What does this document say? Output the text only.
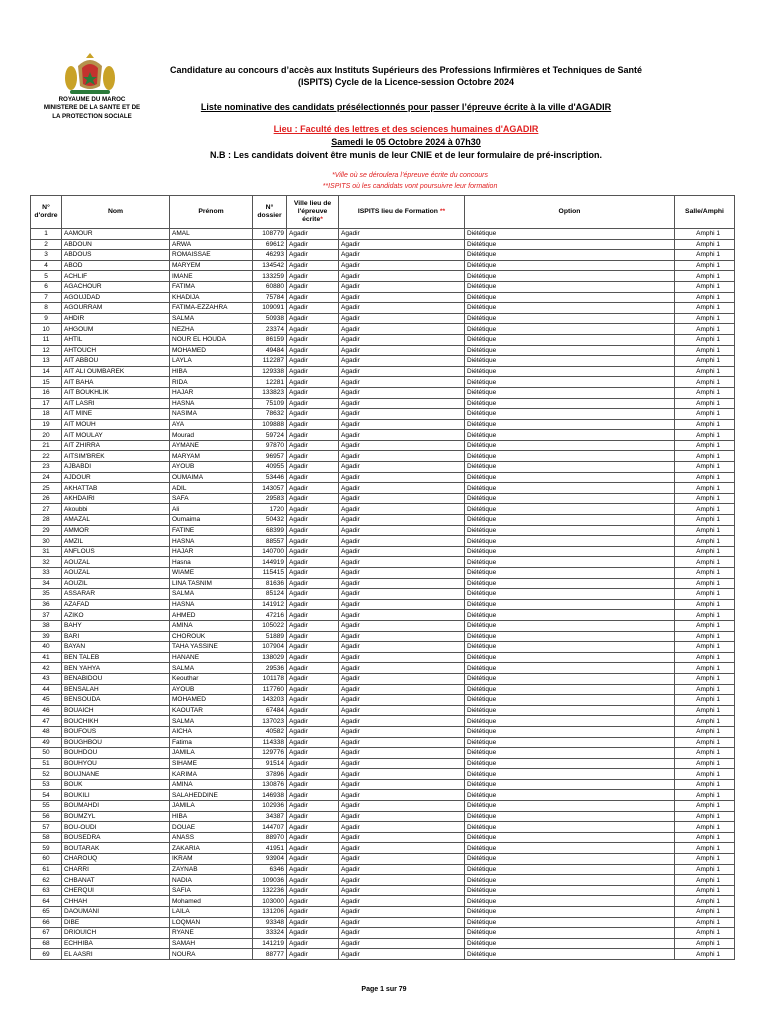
ROYAUME DU MAROC
MINISTERE DE LA SANTE ET DE
LA PROTECTION SOCIALE
Candidature au concours d’accès aux Instituts Supérieurs des Professions Infirmières et Techniques de Santé
(ISPITS) Cycle de la Licence-session Octobre 2024
Liste nominative des candidats présélectionnés pour passer l’épreuve écrite à la ville d'AGADIR
Lieu : Faculté des lettres et des sciences humaines d'AGADIR
Samedi le 05 Octobre 2024 à 07h30
N.B : Les candidats doivent être munis de leur CNIE et de leur formulaire de pré-inscription.
*Ville où se déroulera l’épreuve écrite du concours
**ISPITS où les candidats vont poursuivre leur formation
N° d'ordre	Nom	Prénom	N° dossier	Ville lieu de l'épreuve écrite*	ISPITS lieu de Formation **	Option	Salle/Amphi
1	AAMOUR	AMAL	108779	Agadir	Agadir	Diététique	Amphi 1
2	ABDOUN	ARWA	69612	Agadir	Agadir	Diététique	Amphi 1
3	ABDOUS	ROMAISSAE	46293	Agadir	Agadir	Diététique	Amphi 1
4	ABOD	MARYEM	134542	Agadir	Agadir	Diététique	Amphi 1
5	ACHLIF	IMANE	133259	Agadir	Agadir	Diététique	Amphi 1
6	AGACHOUR	FATIMA	60880	Agadir	Agadir	Diététique	Amphi 1
7	AGOUJDAD	KHADIJA	75784	Agadir	Agadir	Diététique	Amphi 1
8	AGOURRAM	FATIMA-EZZAHRA	109091	Agadir	Agadir	Diététique	Amphi 1
9	AHDIR	SALMA	50938	Agadir	Agadir	Diététique	Amphi 1
10	AHGOUM	NEZHA	23374	Agadir	Agadir	Diététique	Amphi 1
11	AHTIL	NOUR EL HOUDA	86159	Agadir	Agadir	Diététique	Amphi 1
12	AHTOUCH	MOHAMED	49484	Agadir	Agadir	Diététique	Amphi 1
13	AIT ABBOU	LAYLA	112287	Agadir	Agadir	Diététique	Amphi 1
14	AIT ALI OUMBAREK	HIBA	129338	Agadir	Agadir	Diététique	Amphi 1
15	AIT BAHA	RIDA	12281	Agadir	Agadir	Diététique	Amphi 1
16	AIT BOUKHLIK	HAJAR	133823	Agadir	Agadir	Diététique	Amphi 1
17	AIT LASRI	HASNA	75109	Agadir	Agadir	Diététique	Amphi 1
18	AIT MINE	NASIMA	78632	Agadir	Agadir	Diététique	Amphi 1
19	AIT MOUH	AYA	109888	Agadir	Agadir	Diététique	Amphi 1
20	AIT MOULAY	Mourad	59724	Agadir	Agadir	Diététique	Amphi 1
21	AIT ZHIRRA	AYMANE	97870	Agadir	Agadir	Diététique	Amphi 1
22	AITSIM'BREK	MARYAM	96957	Agadir	Agadir	Diététique	Amphi 1
23	AJBABDI	AYOUB	40955	Agadir	Agadir	Diététique	Amphi 1
24	AJDOUR	OUMAIMA	53446	Agadir	Agadir	Diététique	Amphi 1
25	AKHATTAB	ADIL	143057	Agadir	Agadir	Diététique	Amphi 1
26	AKHDAIRI	SAFA	29583	Agadir	Agadir	Diététique	Amphi 1
27	Akoubbi	Ali	1720	Agadir	Agadir	Diététique	Amphi 1
28	AMAZAL	Oumaima	50432	Agadir	Agadir	Diététique	Amphi 1
29	AMMOR	FATINE	68399	Agadir	Agadir	Diététique	Amphi 1
30	AMZIL	HASNA	88557	Agadir	Agadir	Diététique	Amphi 1
31	ANFLOUS	HAJAR	140700	Agadir	Agadir	Diététique	Amphi 1
32	AOUZAL	Hasna	144919	Agadir	Agadir	Diététique	Amphi 1
33	AOUZAL	WIAME	115415	Agadir	Agadir	Diététique	Amphi 1
34	AOUZIL	LINA TASNIM	81636	Agadir	Agadir	Diététique	Amphi 1
35	ASSARAR	SALMA	85124	Agadir	Agadir	Diététique	Amphi 1
36	AZAFAD	HASNA	141912	Agadir	Agadir	Diététique	Amphi 1
37	AZIKO	AHMED	47216	Agadir	Agadir	Diététique	Amphi 1
38	BAHY	AMINA	105022	Agadir	Agadir	Diététique	Amphi 1
39	BARI	CHOROUK	51889	Agadir	Agadir	Diététique	Amphi 1
40	BAYAN	TAHA YASSINE	107904	Agadir	Agadir	Diététique	Amphi 1
41	BEN TALEB	HANANE	138029	Agadir	Agadir	Diététique	Amphi 1
42	BEN YAHYA	SALMA	29536	Agadir	Agadir	Diététique	Amphi 1
43	BENABIDOU	Keouthar	101178	Agadir	Agadir	Diététique	Amphi 1
44	BENSALAH	AYOUB	117760	Agadir	Agadir	Diététique	Amphi 1
45	BENSOUDA	MOHAMED	143203	Agadir	Agadir	Diététique	Amphi 1
46	BOUAICH	KAOUTAR	67484	Agadir	Agadir	Diététique	Amphi 1
47	BOUCHIKH	SALMA	137023	Agadir	Agadir	Diététique	Amphi 1
48	BOUFOUS	AICHA	40582	Agadir	Agadir	Diététique	Amphi 1
49	BOUGHBOU	Fatima	114338	Agadir	Agadir	Diététique	Amphi 1
50	BOUHDOU	JAMILA	129776	Agadir	Agadir	Diététique	Amphi 1
51	BOUHYOU	SIHAME	91514	Agadir	Agadir	Diététique	Amphi 1
52	BOUJNANE	KARIMA	37896	Agadir	Agadir	Diététique	Amphi 1
53	BOUK	AMINA	130876	Agadir	Agadir	Diététique	Amphi 1
54	BOUKILI	SALAHEDDINE	146938	Agadir	Agadir	Diététique	Amphi 1
55	BOUMAHDI	JAMILA	102936	Agadir	Agadir	Diététique	Amphi 1
56	BOUMZYL	HIBA	34387	Agadir	Agadir	Diététique	Amphi 1
57	BOU-OUDI	DOUAE	144707	Agadir	Agadir	Diététique	Amphi 1
58	BOUSEDRA	ANASS	88970	Agadir	Agadir	Diététique	Amphi 1
59	BOUTARAK	ZAKARIA	41951	Agadir	Agadir	Diététique	Amphi 1
60	CHAROUQ	IKRAM	93904	Agadir	Agadir	Diététique	Amphi 1
61	CHARRI	ZAYNAB	6346	Agadir	Agadir	Diététique	Amphi 1
62	CHBANAT	NADIA	109036	Agadir	Agadir	Diététique	Amphi 1
63	CHERQUI	SAFIA	132236	Agadir	Agadir	Diététique	Amphi 1
64	CHHAH	Mohamed	103000	Agadir	Agadir	Diététique	Amphi 1
65	DAOUMANI	LAILA	131206	Agadir	Agadir	Diététique	Amphi 1
66	DIBE	LOQMAN	93348	Agadir	Agadir	Diététique	Amphi 1
67	DRIOUICH	RYANE	33324	Agadir	Agadir	Diététique	Amphi 1
68	ECHHIBA	SAMAH	141219	Agadir	Agadir	Diététique	Amphi 1
69	EL AASRI	NOURA	88777	Agadir	Agadir	Diététique	Amphi 1
Page 1 sur 79
